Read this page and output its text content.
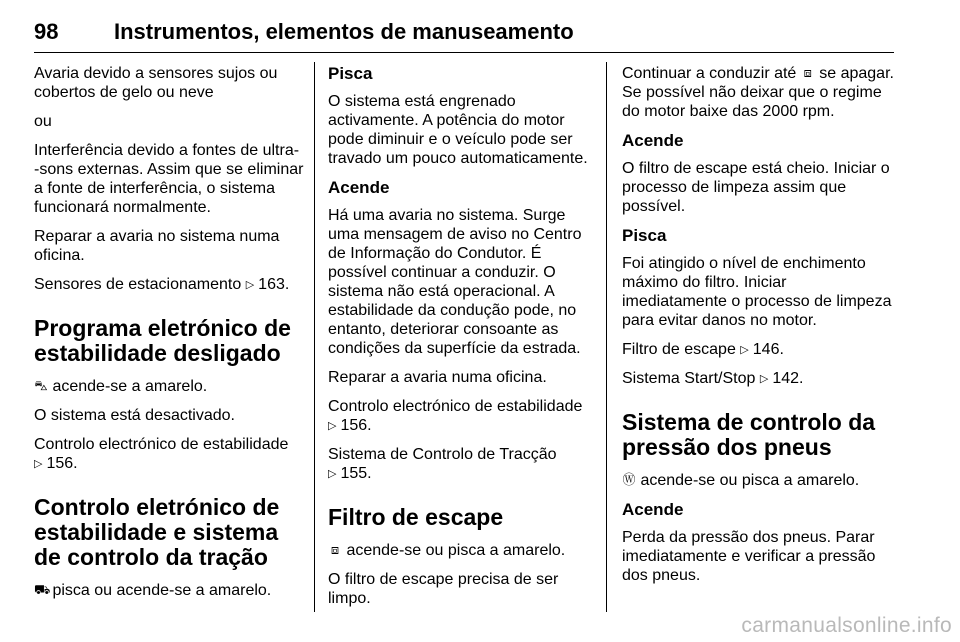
98	Instrumentos, elementos de manuseamento

Avaria devido a sensores sujos ou cobertos de gelo ou neve

ou

Interferência devido a fontes de ultra--sons externas. Assim que se eliminar a fonte de interferência, o sistema funcionará normalmente.

Reparar a avaria no sistema numa oficina.

Sensores de estacionamento ▷ 163.

Programa eletrónico de estabilidade desligado

⛍ acende-se a amarelo.

O sistema está desactivado.

Controlo electrónico de estabilidade
▷ 156.

Controlo eletrónico de estabilidade e sistema de controlo da tração

⛟ pisca ou acende-se a amarelo.

Pisca

O sistema está engrenado activamente. A potência do motor pode diminuir e o veículo pode ser travado um pouco automaticamente.

Acende

Há uma avaria no sistema. Surge uma mensagem de aviso no Centro de Informação do Condutor. É possível continuar a conduzir. O sistema não está operacional. A estabilidade da condução pode, no entanto, deteriorar consoante as condições da superfície da estrada.

Reparar a avaria numa oficina.

Controlo electrónico de estabilidade
▷ 156.

Sistema de Controlo de Tracção
▷ 155.

Filtro de escape

⧈ acende-se ou pisca a amarelo.

O filtro de escape precisa de ser limpo.

Continuar a conduzir até ⧈ se apagar. Se possível não deixar que o regime do motor baixe das 2000 rpm.

Acende

O filtro de escape está cheio. Iniciar o processo de limpeza assim que possível.

Pisca

Foi atingido o nível de enchimento máximo do filtro. Iniciar imediatamente o processo de limpeza para evitar danos no motor.

Filtro de escape ▷ 146.

Sistema Start/Stop ▷ 142.

Sistema de controlo da pressão dos pneus

Ⓦ acende-se ou pisca a amarelo.

Acende

Perda da pressão dos pneus. Parar imediatamente e verificar a pressão dos pneus.

carmanualsonline.info
